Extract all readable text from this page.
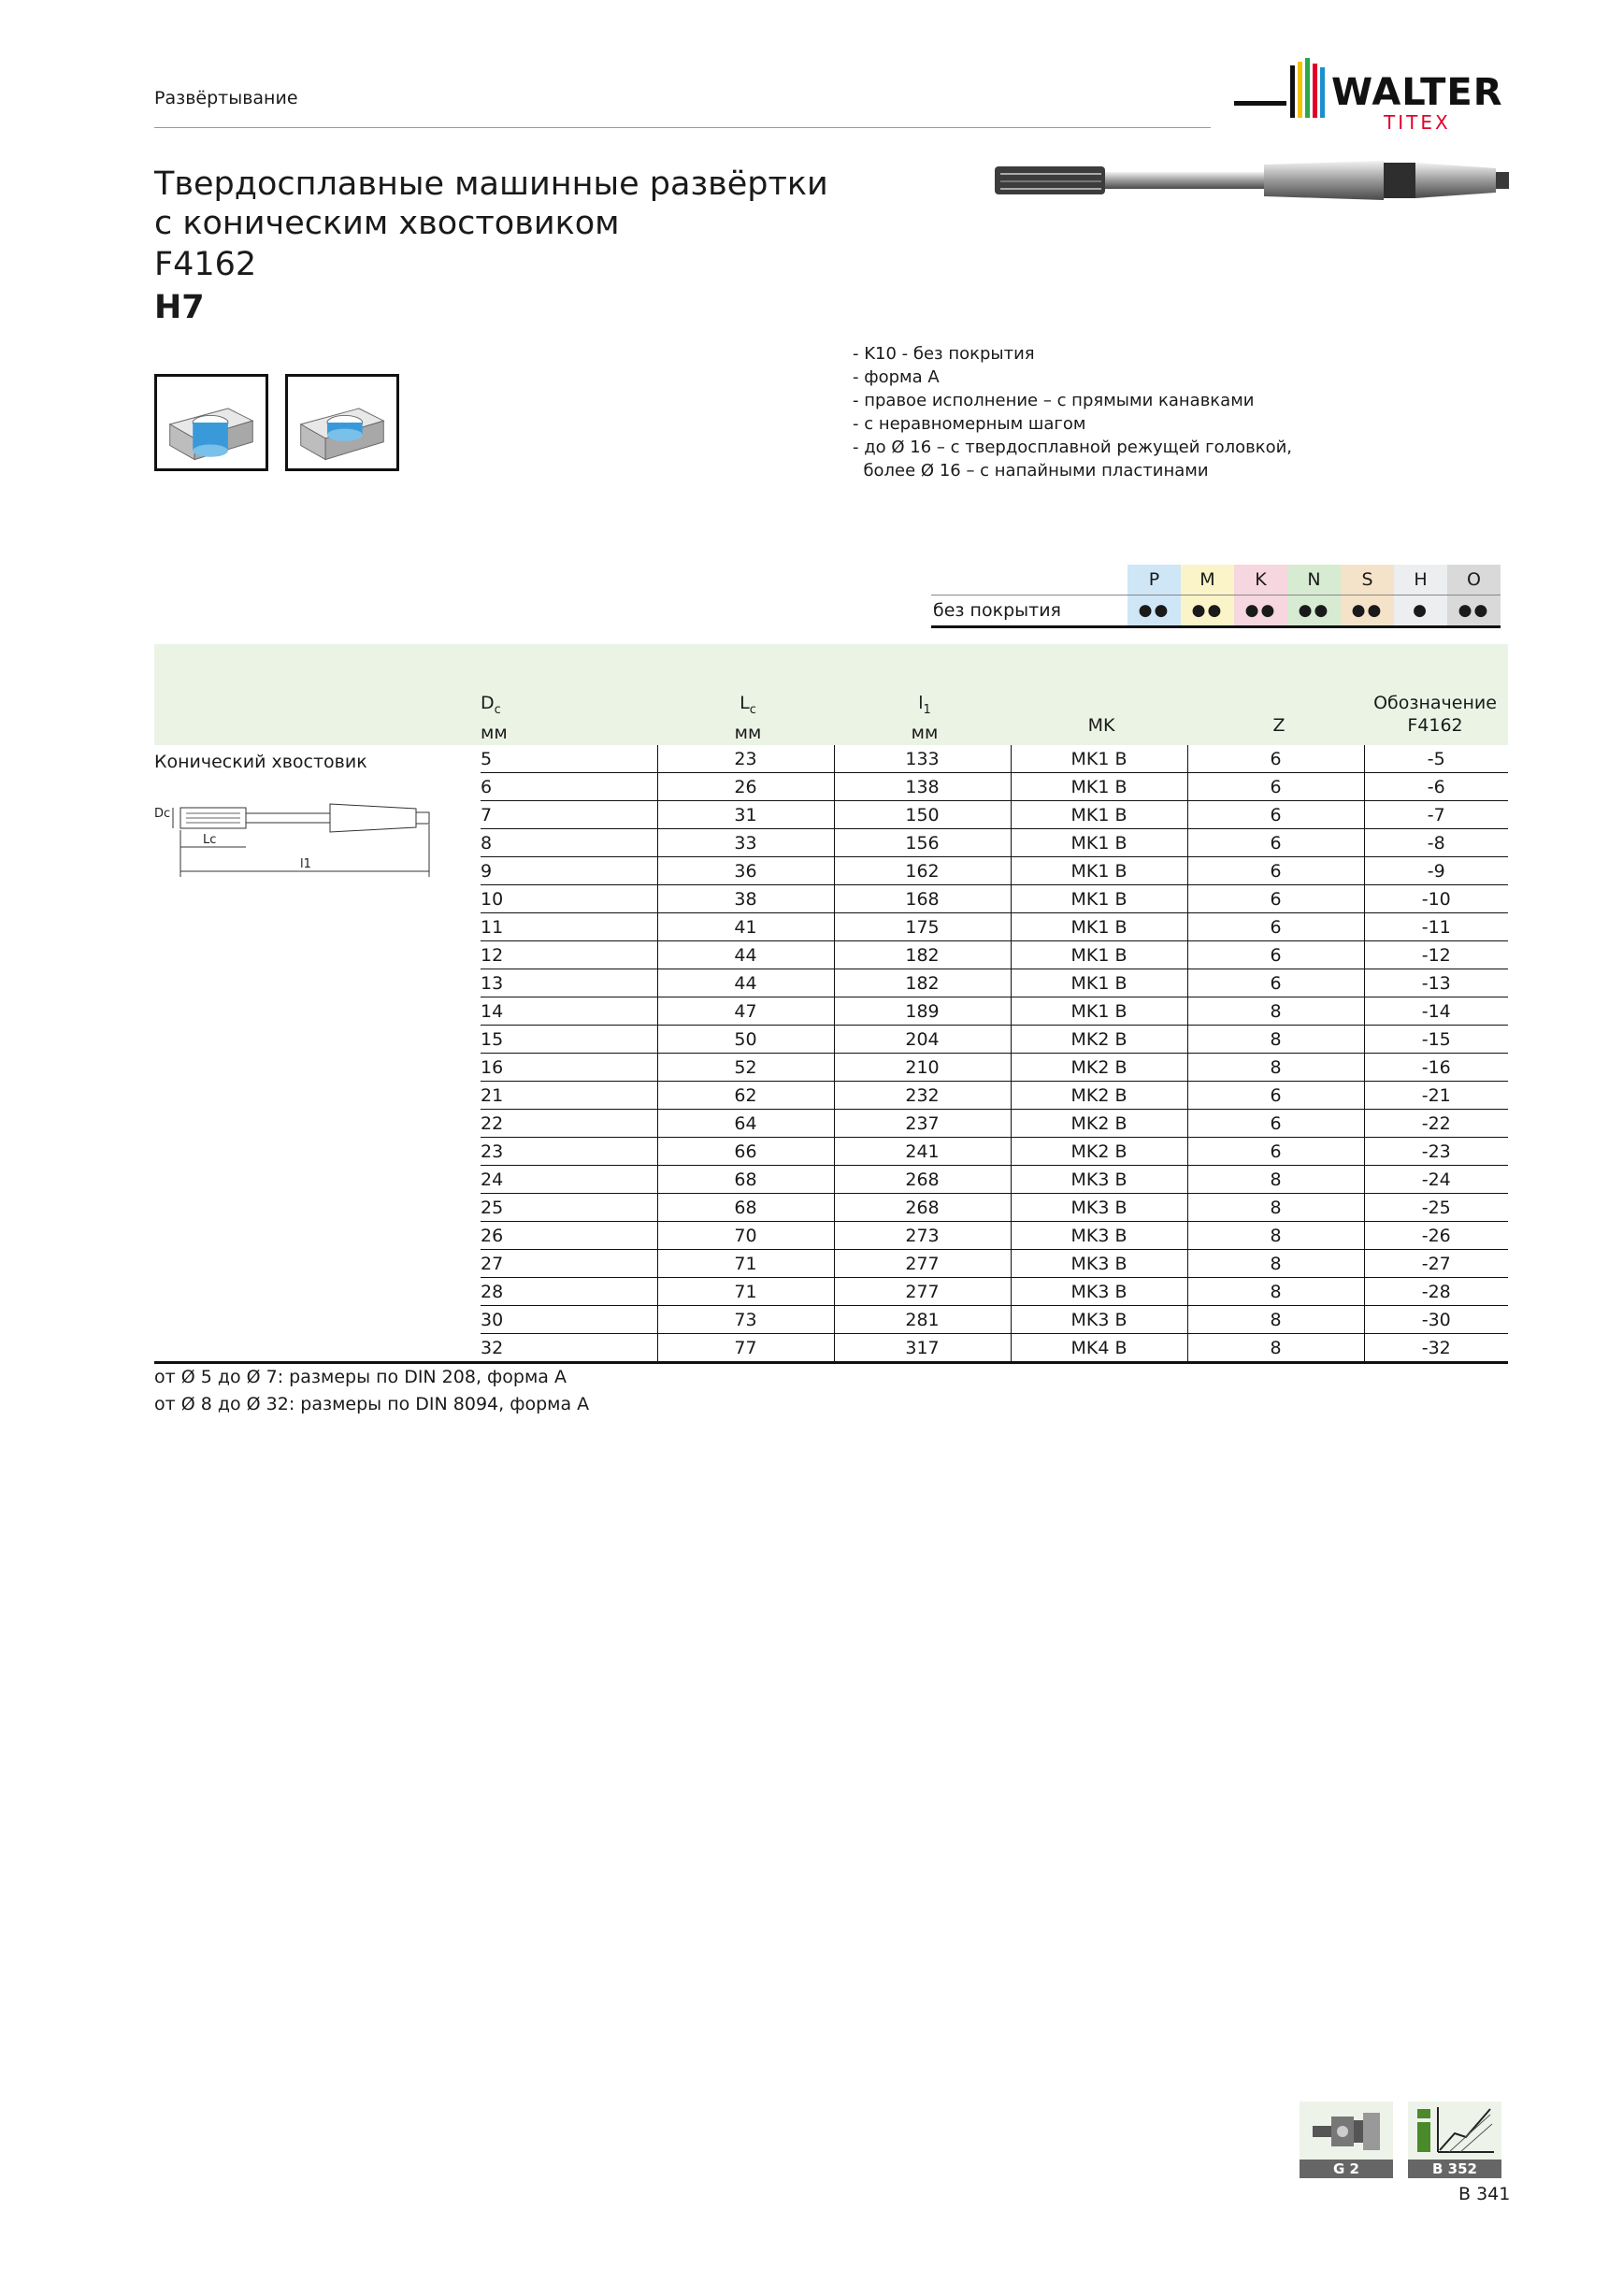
Развёртывание	WALTER
TITEX
Твердосплавные машинные развёртки
с коническим хвостовиком
F4162
H7
- K10 - без покрытия
- форма A
- правое исполнение – с прямыми канавками
- с неравномерным шагом
- до Ø 16 – с твердосплавной режущей головкой,
более Ø 16 – с напайными пластинами
	P	M	K	N	S	H	O
без покрытия	●●	●●	●●	●●	●●	●	●●
$D_c$
мм
$L_c$
мм
$l_1$
мм	MK	Z
Обозначение
F4162
Конический хвостовик
Dc
Lc
l1
5	23	133	MK1 B	6	-5
6	26	138	MK1 B	6	-6
7	31	150	MK1 B	6	-7
8	33	156	MK1 B	6	-8
9	36	162	MK1 B	6	-9
10	38	168	MK1 B	6	-10
11	41	175	MK1 B	6	-11
12	44	182	MK1 B	6	-12
13	44	182	MK1 B	6	-13
14	47	189	MK1 B	8	-14
15	50	204	MK2 B	8	-15
16	52	210	MK2 B	8	-16
21	62	232	MK2 B	6	-21
22	64	237	MK2 B	6	-22
23	66	241	MK2 B	6	-23
24	68	268	MK3 B	8	-24
25	68	268	MK3 B	8	-25
26	70	273	MK3 B	8	-26
27	71	277	MK3 B	8	-27
28	71	277	MK3 B	8	-28
30	73	281	MK3 B	8	-30
32	77	317	MK4 B	8	-32
от Ø 5 до Ø 7: размеры по DIN 208, форма A
от Ø 8 до Ø 32: размеры по DIN 8094, форма A
G 2	B 352
B 341
